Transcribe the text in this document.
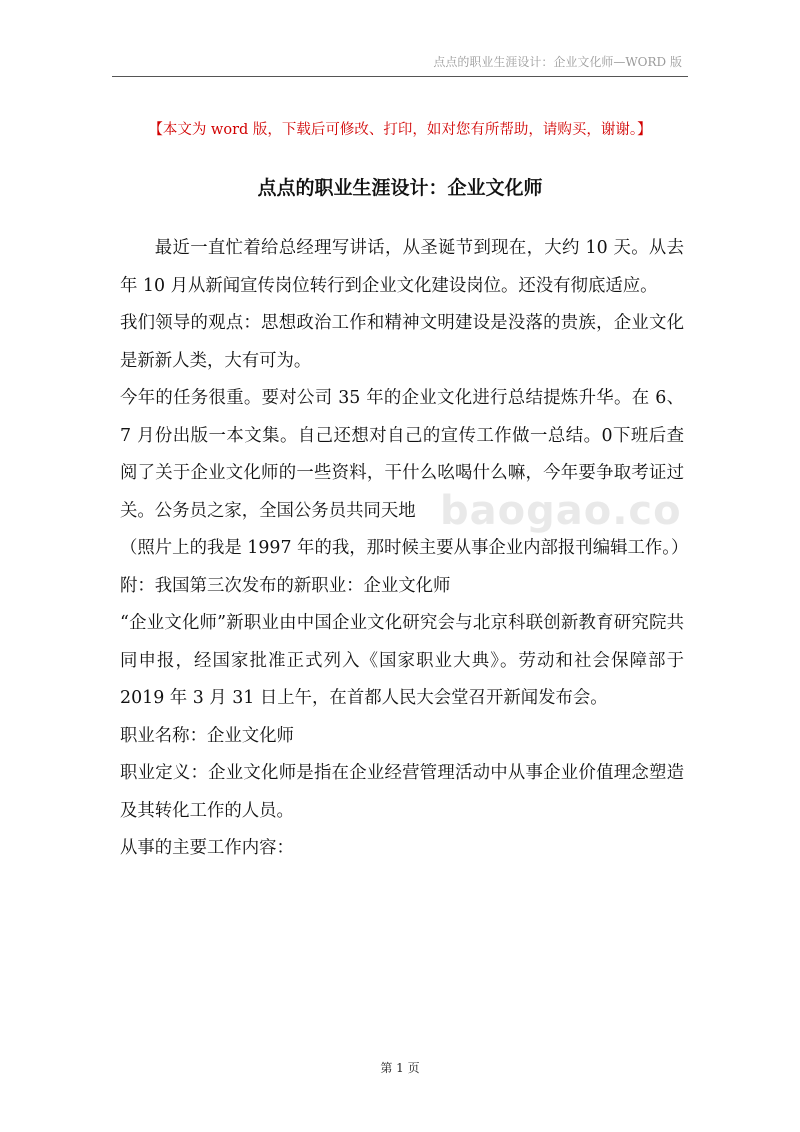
点点的职业生涯设计：企业文化师—WORD 版
【本文为 word 版，下载后可修改、打印，如对您有所帮助，请购买，谢谢。】
点点的职业生涯设计：企业文化师
baogao.co

最近一直忙着给总经理写讲话，从圣诞节到现在，大约 10 天。从去年 10 月从新闻宣传岗位转行到企业文化建设岗位。还没有彻底适应。

我们领导的观点：思想政治工作和精神文明建设是没落的贵族，企业文化是新新人类，大有可为。

今年的任务很重。要对公司 35 年的企业文化进行总结提炼升华。在 6、7 月份出版一本文集。自己还想对自己的宣传工作做一总结。0下班后查阅了关于企业文化师的一些资料，干什么吆喝什么嘛，今年要争取考证过关。公务员之家，全国公务员共同天地

（照片上的我是 1997 年的我，那时候主要从事企业内部报刊编辑工作。）

附：我国第三次发布的新职业：企业文化师

“企业文化师”新职业由中国企业文化研究会与北京科联创新教育研究院共同申报，经国家批准正式列入《国家职业大典》。劳动和社会保障部于 2019 年 3 月 31 日上午，在首都人民大会堂召开新闻发布会。

职业名称：企业文化师

职业定义：企业文化师是指在企业经营管理活动中从事企业价值理念塑造及其转化工作的人员。

从事的主要工作内容：

第 1 页
